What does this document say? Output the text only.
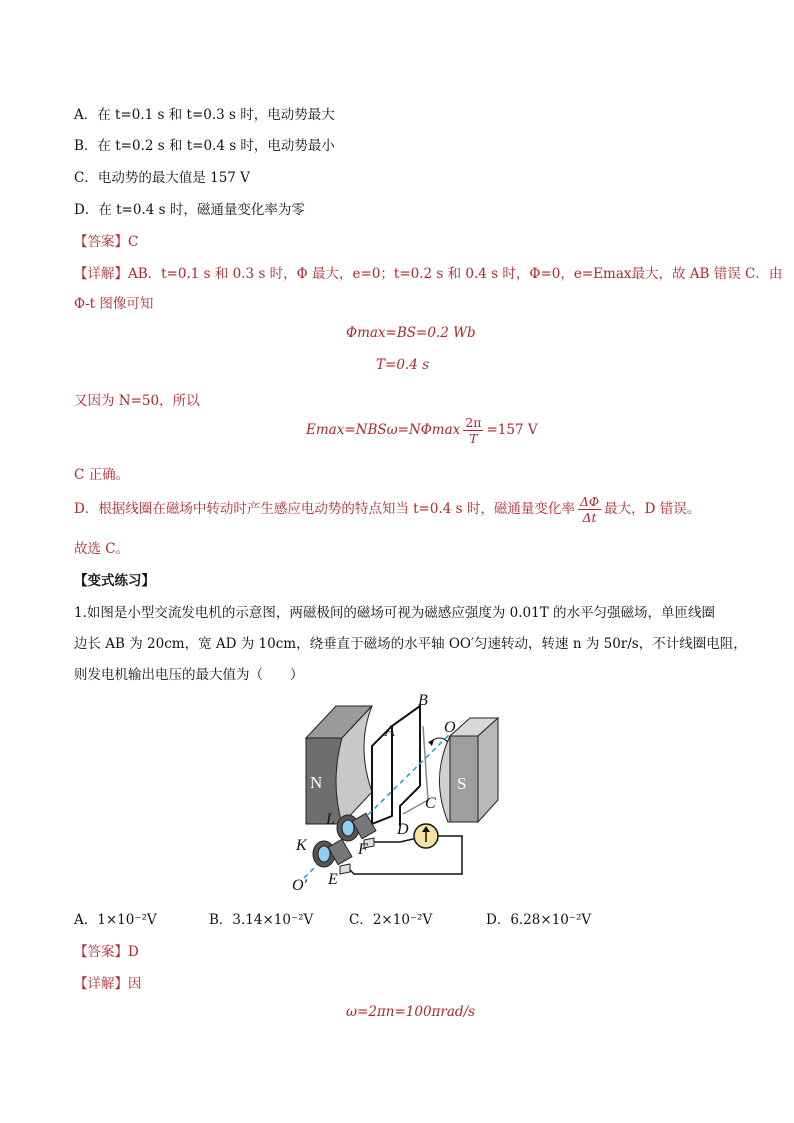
A．在 t=0.1 s 和 t=0.3 s 时，电动势最大
B．在 t=0.2 s 和 t=0.4 s 时，电动势最小
C．电动势的最大值是 157 V
D．在 t=0.4 s 时，磁通量变化率为零
【答案】C
【详解】AB．t=0.1 s 和 0.3 s 时，Φ 最大，e=0；t=0.2 s 和 0.4 s 时，Φ=0，e=Emax最大，故 AB 错误 C．由
Φ-t 图像可知
Φmax=BS=0.2 Wb
T=0.4 s
又因为 N=50，所以
$Emax=NBS\omega=N\Phi\max \frac{2\pi}{T} =157$ V
C 正确。
D．根据线圈在磁场中转动时产生感应电动势的特点知当 t=0.4 s 时，磁通量变化率 $\frac{\Delta\Phi}{\Delta t}$ 最大，D 错误。
故选 C。
【变式练习】
1.如图是小型交流发电机的示意图，两磁极间的磁场可视为磁感应强度为 0.01T 的水平匀强磁场，单匝线圈
边长 AB 为 20cm，宽 AD 为 10cm，绕垂直于磁场的水平轴 OO′匀速转动，转速 n 为 50r/s，不计线圈电阻，
则发电机输出电压的最大值为（　　）
N	S
B
A	O
C
L
D
K	F
O′ E
A．1×10⁻²V	B．3.14×10⁻²V	C．2×10⁻²V	D．6.28×10⁻²V
【答案】D
【详解】因
ω=2πn=100πrad/s
